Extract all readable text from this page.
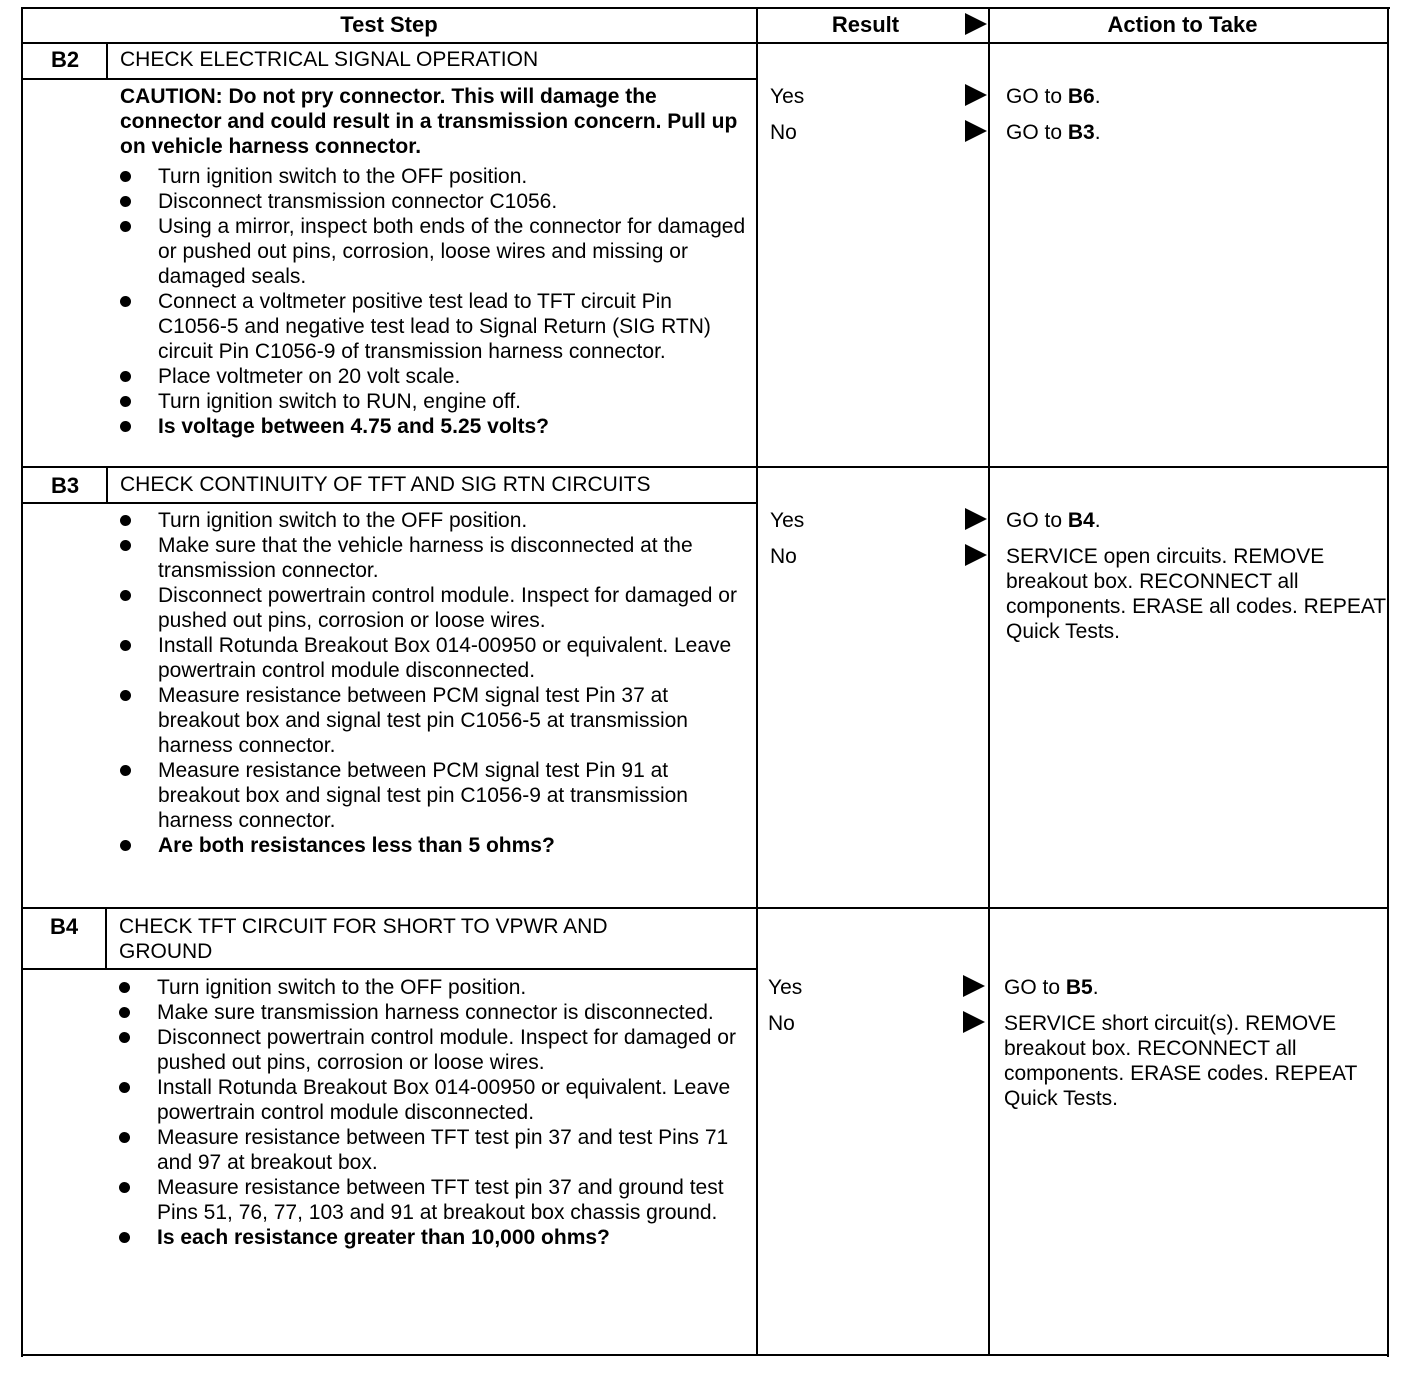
Test Step	Result	Action to Take
B2	CHECK ELECTRICAL SIGNAL OPERATION

CAUTION: Do not pry connector. This will damage the connector and could result in a transmission concern. Pull up on vehicle harness connector.

Turn ignition switch to the OFF position.
Disconnect transmission connector C1056.
Using a mirror, inspect both ends of the connector for damaged or pushed out pins, corrosion, loose wires and missing or damaged seals.
Connect a voltmeter positive test lead to TFT circuit Pin C1056-5 and negative test lead to Signal Return (SIG RTN) circuit Pin C1056-9 of transmission harness connector.
Place voltmeter on 20 volt scale.
Turn ignition switch to RUN, engine off.
Is voltage between 4.75 and 5.25 volts?
Yes	GO to B6.
No	GO to B3.
B3	CHECK CONTINUITY OF TFT AND SIG RTN CIRCUITS
Turn ignition switch to the OFF position.
Make sure that the vehicle harness is disconnected at the transmission connector.
Disconnect powertrain control module. Inspect for damaged or pushed out pins, corrosion or loose wires.
Install Rotunda Breakout Box 014-00950 or equivalent. Leave powertrain control module disconnected.
Measure resistance between PCM signal test Pin 37 at breakout box and signal test pin C1056-5 at transmission harness connector.
Measure resistance between PCM signal test Pin 91 at breakout box and signal test pin C1056-9 at transmission harness connector.
Are both resistances less than 5 ohms?
Yes	GO to B4.
No	SERVICE open circuits. REMOVE breakout box. RECONNECT all components. ERASE all codes. REPEAT Quick Tests.
B4	CHECK TFT CIRCUIT FOR SHORT TO VPWR AND GROUND
Turn ignition switch to the OFF position.
Make sure transmission harness connector is disconnected.
Disconnect powertrain control module. Inspect for damaged or pushed out pins, corrosion or loose wires.
Install Rotunda Breakout Box 014-00950 or equivalent. Leave powertrain control module disconnected.
Measure resistance between TFT test pin 37 and test Pins 71 and 97 at breakout box.
Measure resistance between TFT test pin 37 and ground test Pins 51, 76, 77, 103 and 91 at breakout box chassis ground.
Is each resistance greater than 10,000 ohms?
Yes	GO to B5.
No	SERVICE short circuit(s). REMOVE breakout box. RECONNECT all components. ERASE codes. REPEAT Quick Tests.
